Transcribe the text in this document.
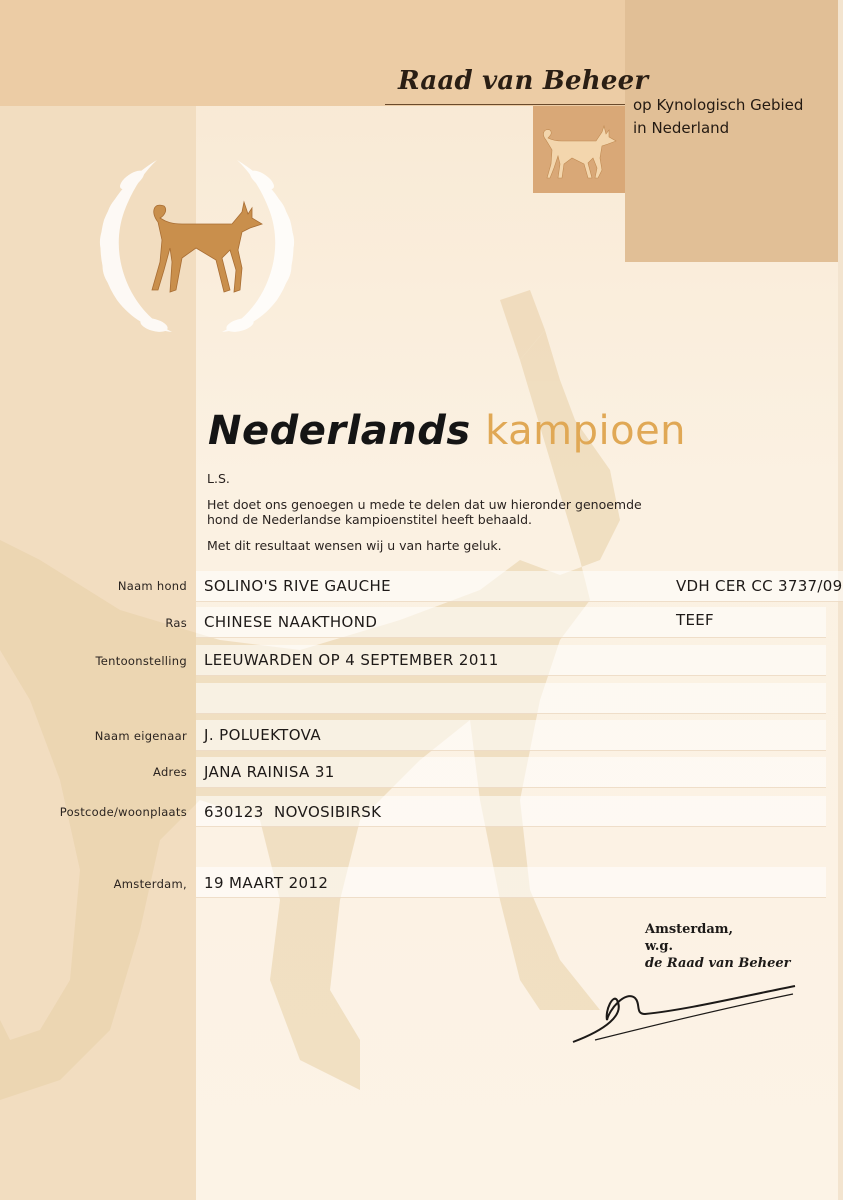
Raad van Beheer
op Kynologisch Gebied
in Nederland
Nederlands kampioen
L.S.
Het doet ons genoegen u mede te delen dat uw hieronder genoemde
hond de Nederlandse kampioenstitel heeft behaald.
Met dit resultaat wensen wij u van harte geluk.
Naam hond SOLINO'S RIVE GAUCHE	VDH CER CC 3737/09
Ras CHINESE NAAKTHOND	TEEF
Tentoonstelling LEEUWARDEN OP 4 SEPTEMBER 2011
Naam eigenaar J. POLUEKTOVA
Adres JANA RAINISA 31
Postcode/woonplaats 630123  NOVOSIBIRSK
Amsterdam, 19 MAART 2012
Amsterdam,
w.g.
de Raad van Beheer
